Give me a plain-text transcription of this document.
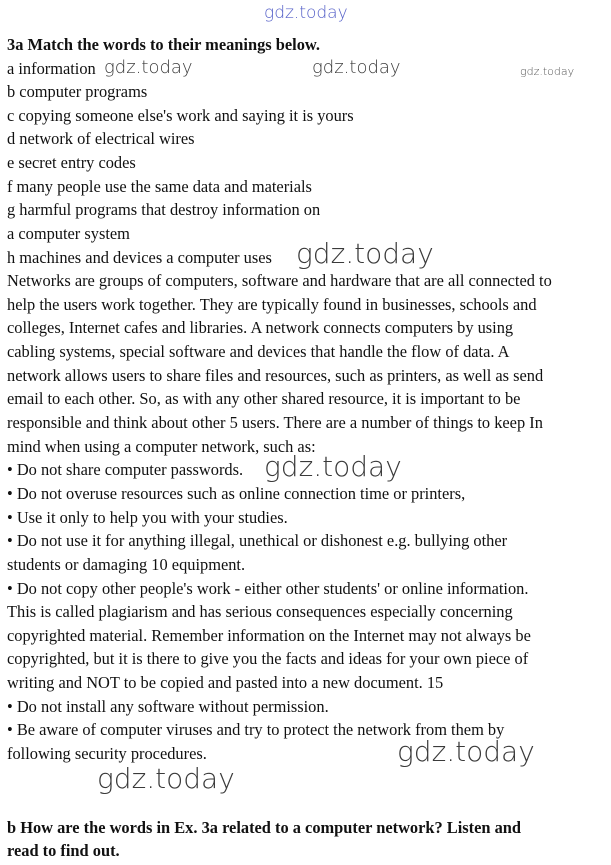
gdz.today
3a Match the words to their meanings below.
a information
b computer programs
c copying someone else's work and saying it is yours
d network of electrical wires
e secret entry codes
f many people use the same data and materials
g harmful programs that destroy information on
a computer system
h machines and devices a computer uses
Networks are groups of computers, software and hardware that are all connected to
help the users work together. They are typically found in businesses, schools and
colleges, Internet cafes and libraries. A network connects computers by using
cabling systems, special software and devices that handle the flow of data. A
network allows users to share files and resources, such as printers, as well as send
email to each other. So, as with any other shared resource, it is important to be
responsible and think about other 5 users. There are a number of things to keep In
mind when using a computer network, such as:
• Do not share computer passwords.
• Do not overuse resources such as online connection time or printers,
• Use it only to help you with your studies.
• Do not use it for anything illegal, unethical or dishonest e.g. bullying other
students or damaging 10 equipment.
• Do not copy other people's work - either other students' or online information.
This is called plagiarism and has serious consequences especially concerning
copyrighted material. Remember information on the Internet may not always be
copyrighted, but it is there to give you the facts and ideas for your own piece of
writing and NOT to be copied and pasted into a new document. 15
• Do not install any software without permission.
• Be aware of computer viruses and try to protect the network from them by
following security procedures.
b How are the words in Ex. 3a related to a computer network? Listen and
read to find out.
gdz.today	gdz.today	gdz.today
gdz.today
gdz.today
gdz.today
gdz.today
